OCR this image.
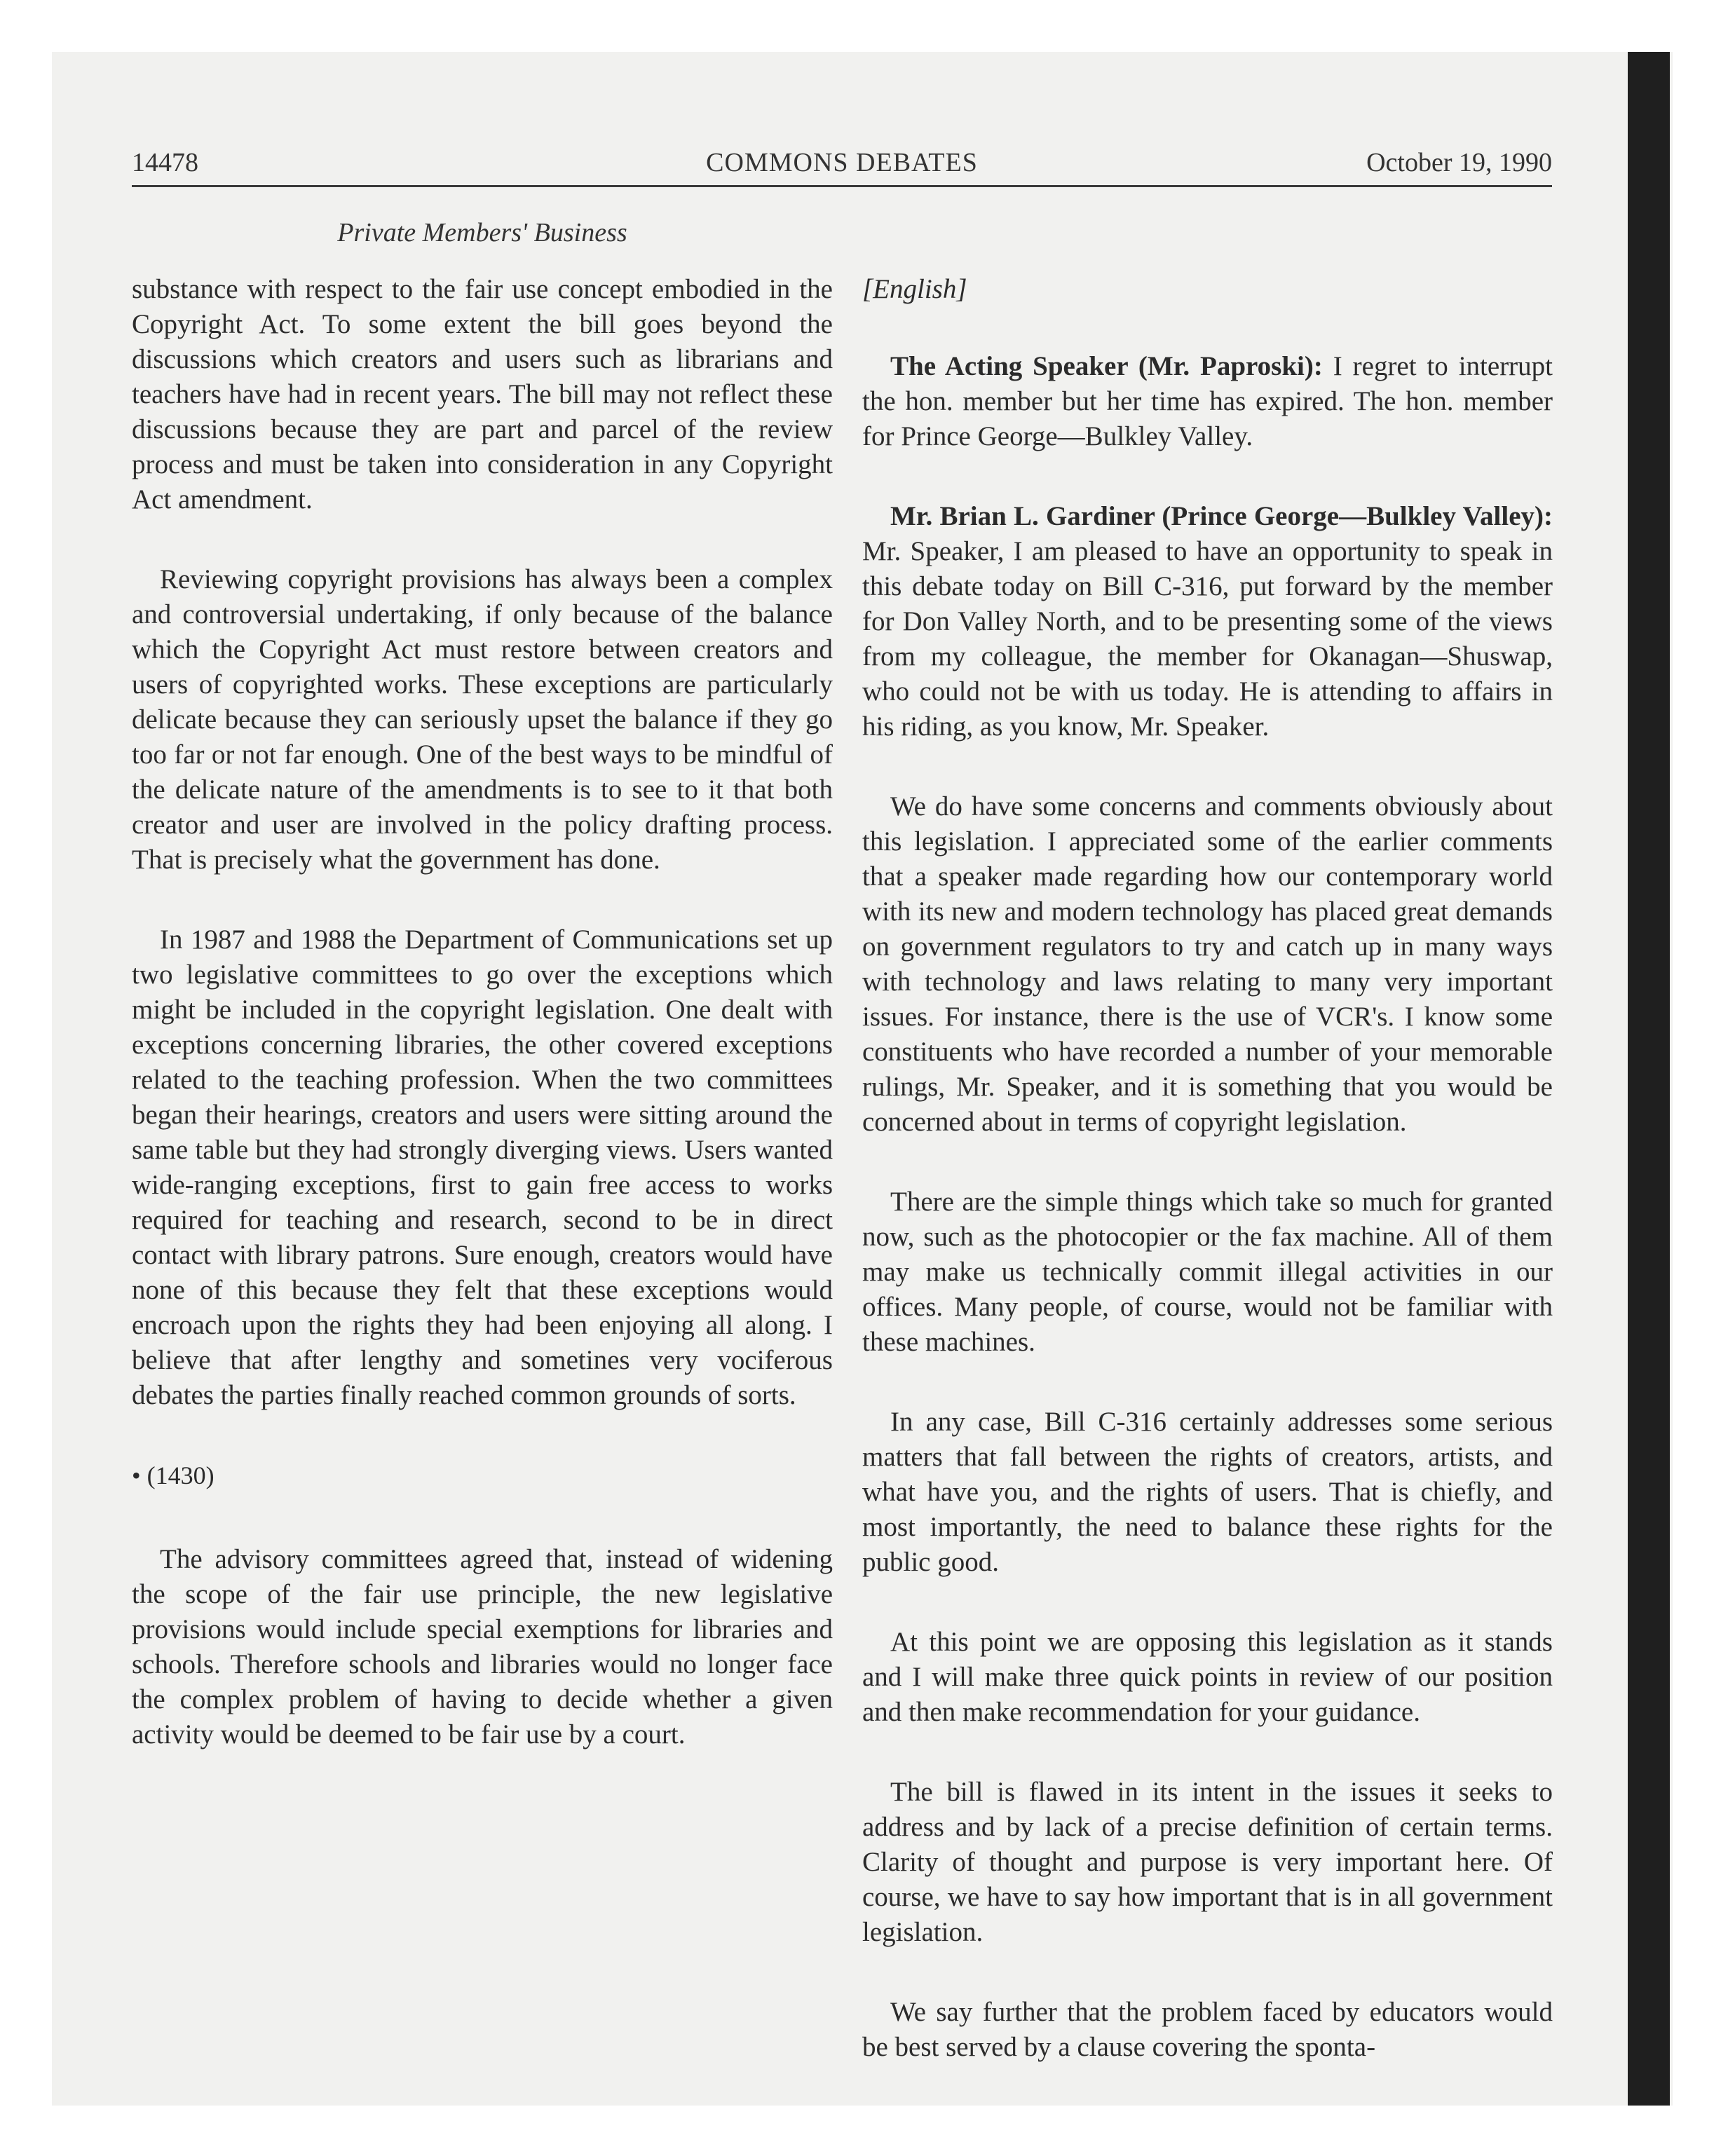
14478	COMMONS DEBATES	October 19, 1990
Private Members' Business

substance with respect to the fair use concept embodied in the Copyright Act. To some extent the bill goes beyond the discussions which creators and users such as librarians and teachers have had in recent years. The bill may not reflect these discussions because they are part and parcel of the review process and must be taken into consideration in any Copyright Act amendment.

Reviewing copyright provisions has always been a complex and controversial undertaking, if only because of the balance which the Copyright Act must restore between creators and users of copyrighted works. These exceptions are particularly delicate because they can seriously upset the balance if they go too far or not far enough. One of the best ways to be mindful of the delicate nature of the amendments is to see to it that both creator and user are involved in the policy drafting process. That is precisely what the government has done.

In 1987 and 1988 the Department of Communications set up two legislative committees to go over the exceptions which might be included in the copyright legislation. One dealt with exceptions concerning libraries, the other covered exceptions related to the teaching profession. When the two committees began their hearings, creators and users were sitting around the same table but they had strongly diverging views. Users wanted wide-ranging exceptions, first to gain free access to works required for teaching and research, second to be in direct contact with library patrons. Sure enough, creators would have none of this because they felt that these exceptions would encroach upon the rights they had been enjoying all along. I believe that after lengthy and sometines very vociferous debates the parties finally reached common grounds of sorts.

• (1430)

The advisory committees agreed that, instead of widening the scope of the fair use principle, the new legislative provisions would include special exemptions for libraries and schools. Therefore schools and libraries would no longer face the complex problem of having to decide whether a given activity would be deemed to be fair use by a court.

[English]

The Acting Speaker (Mr. Paproski): I regret to interrupt the hon. member but her time has expired. The hon. member for Prince George—Bulkley Valley.

Mr. Brian L. Gardiner (Prince George—Bulkley Valley): Mr. Speaker, I am pleased to have an opportunity to speak in this debate today on Bill C-316, put forward by the member for Don Valley North, and to be presenting some of the views from my colleague, the member for Okanagan—Shuswap, who could not be with us today. He is attending to affairs in his riding, as you know, Mr. Speaker.

We do have some concerns and comments obviously about this legislation. I appreciated some of the earlier comments that a speaker made regarding how our contemporary world with its new and modern technology has placed great demands on government regulators to try and catch up in many ways with technology and laws relating to many very important issues. For instance, there is the use of VCR's. I know some constituents who have recorded a number of your memorable rulings, Mr. Speaker, and it is something that you would be concerned about in terms of copyright legislation.

There are the simple things which take so much for granted now, such as the photocopier or the fax machine. All of them may make us technically commit illegal activities in our offices. Many people, of course, would not be familiar with these machines.

In any case, Bill C-316 certainly addresses some serious matters that fall between the rights of creators, artists, and what have you, and the rights of users. That is chiefly, and most importantly, the need to balance these rights for the public good.

At this point we are opposing this legislation as it stands and I will make three quick points in review of our position and then make recommendation for your guidance.

The bill is flawed in its intent in the issues it seeks to address and by lack of a precise definition of certain terms. Clarity of thought and purpose is very important here. Of course, we have to say how important that is in all government legislation.

We say further that the problem faced by educators would be best served by a clause covering the sponta-
